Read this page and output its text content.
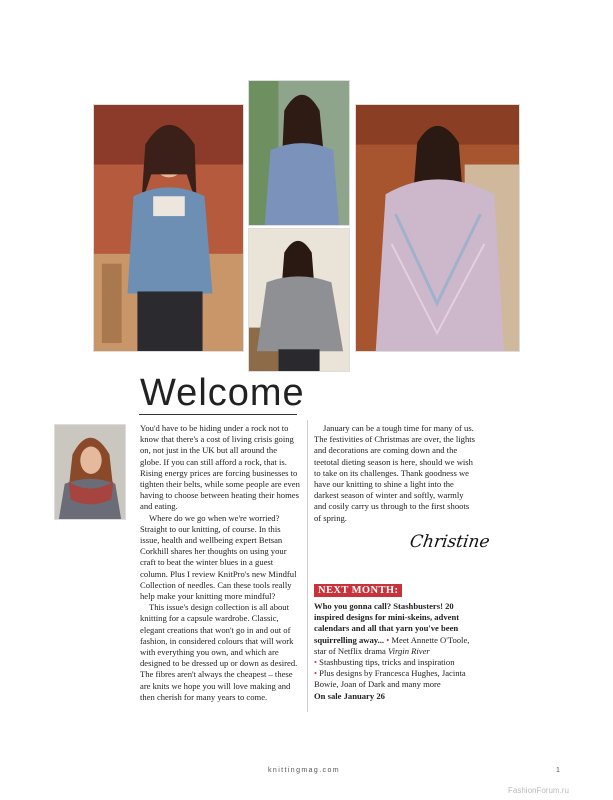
Welcome

You'd have to be hiding under a rock not to know that there's a cost of living crisis going on, not just in the UK but all around the globe. If you can still afford a rock, that is. Rising energy prices are forcing businesses to tighten their belts, while some people are even having to choose between heating their homes and eating.

Where do we go when we're worried? Straight to our knitting, of course. In this issue, health and wellbeing expert Betsan Corkhill shares her thoughts on using your craft to beat the winter blues in a guest column. Plus I review KnitPro's new Mindful Collection of needles. Can these tools really help make your knitting more mindful?

This issue's design collection is all about knitting for a capsule wardrobe. Classic, elegant creations that won't go in and out of fashion, in considered colours that will work with everything you own, and which are designed to be dressed up or down as desired. The fibres aren't always the cheapest – these are knits we hope you will love making and then cherish for many years to come.

January can be a tough time for many of us. The festivities of Christmas are over, the lights and decorations are coming down and the teetotal dieting season is here, should we wish to take on its challenges. Thank goodness we have our knitting to shine a light into the darkest season of winter and softly, warmly and cosily carry us through to the first shoots of spring.

Christine
NEXT MONTH:
Who you gonna call? Stashbusters! 20 inspired designs for mini-skeins, advent calendars and all that yarn you've been squirrelling away... • Meet Annette O'Toole, star of Netflix drama Virgin River
• Stashbusting tips, tricks and inspiration
• Plus designs by Francesca Hughes, Jacinta Bowie, Joan of Dark and many more
On sale January 26
knittingmag.com	1
FashionForum.ru
